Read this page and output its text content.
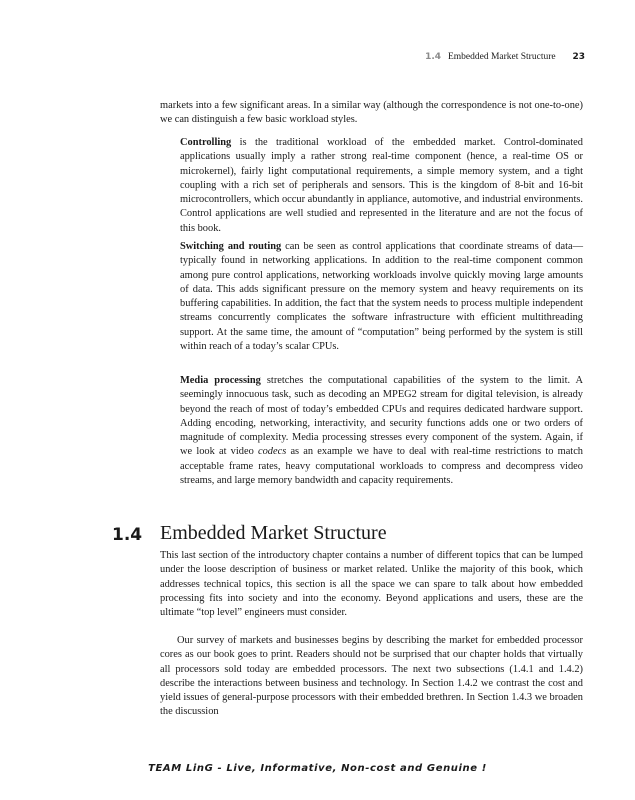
1.4 Embedded Market Structure 23

markets into a few significant areas. In a similar way (although the correspondence is not one-to-one) we can distinguish a few basic workload styles.

Controlling is the traditional workload of the embedded market. Control-dominated applications usually imply a rather strong real-time component (hence, a real-time OS or microkernel), fairly light computational requirements, a simple memory system, and a tight coupling with a rich set of peripherals and sensors. This is the kingdom of 8-bit and 16-bit microcontrollers, which occur abundantly in appliance, automotive, and industrial environments. Control applications are well studied and represented in the literature and are not the focus of this book.

Switching and routing can be seen as control applications that coordinate streams of data—typically found in networking applications. In addition to the real-time component common among pure control applications, networking workloads involve quickly moving large amounts of data. This adds significant pressure on the memory system and heavy requirements on its buffering capabilities. In addition, the fact that the system needs to process multiple independent streams concurrently complicates the software infrastructure with efficient multithreading support. At the same time, the amount of “computation” being performed by the system is still within reach of a today’s scalar CPUs.

Media processing stretches the computational capabilities of the system to the limit. A seemingly innocuous task, such as decoding an MPEG2 stream for digital television, is already beyond the reach of most of today’s embedded CPUs and requires dedicated hardware support. Adding encoding, networking, interactivity, and security functions adds one or two orders of magnitude of complexity. Media processing stresses every component of the system. Again, if we look at video codecs as an example we have to deal with real-time restrictions to match acceptable frame rates, heavy computational workloads to compress and decompress video streams, and large memory bandwidth and capacity requirements.

1.4 Embedded Market Structure

This last section of the introductory chapter contains a number of different topics that can be lumped under the loose description of business or market related. Unlike the majority of this book, which addresses technical topics, this section is all the space we can spare to talk about how embedded processing fits into society and into the economy. Beyond applications and users, these are the ultimate “top level” engineers must consider.

Our survey of markets and businesses begins by describing the market for embedded processor cores as our book goes to print. Readers should not be surprised that our chapter holds that virtually all processors sold today are embedded processors. The next two subsections (1.4.1 and 1.4.2) describe the interactions between business and technology. In Section 1.4.2 we contrast the cost and yield issues of general-purpose processors with their embedded brethren. In Section 1.4.3 we broaden the discussion

TEAM LinG - Live, Informative, Non-cost and Genuine !
